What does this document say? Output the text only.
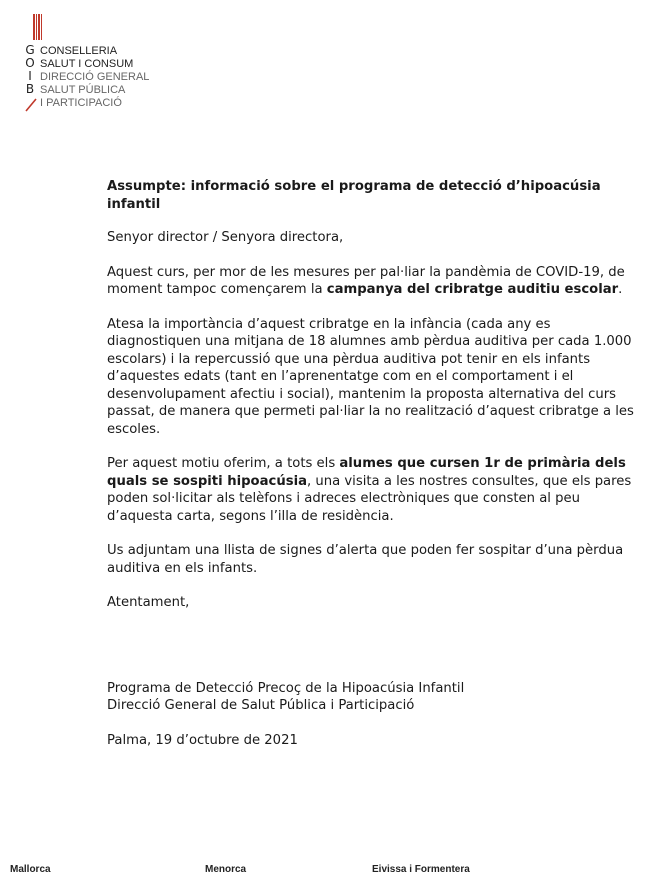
G
O
I
B
CONSELLERIA
SALUT I CONSUM
DIRECCIÓ GENERAL
SALUT PÚBLICA
I PARTICIPACIÓ

Assumpte: informació sobre el programa de detecció d’hipoacúsia infantil

Senyor director / Senyora directora,

Aquest curs, per mor de les mesures per pal·liar la pandèmia de COVID-19, de moment tampoc començarem la campanya del cribratge auditiu escolar.

Atesa la importància d’aquest cribratge en la infància (cada any es diagnostiquen una mitjana de 18 alumnes amb pèrdua auditiva per cada 1.000 escolars) i la repercussió que una pèrdua auditiva pot tenir en els infants d’aquestes edats (tant en l’aprenentatge com en el comportament i el desenvolupament afectiu i social), mantenim la proposta alternativa del curs passat, de manera que permeti pal·liar la no realització d’aquest cribratge a les escoles.

Per aquest motiu oferim, a tots els alumes que cursen 1r de primària dels quals se sospiti hipoacúsia, una visita a les nostres consultes, que els pares poden sol·licitar als telèfons i adreces electròniques que consten al peu d’aquesta carta, segons l’illa de residència.

Us adjuntam una llista de signes d’alerta que poden fer sospitar d’una pèrdua auditiva en els infants.

Atentament,

Programa de Detecció Precoç de la Hipoacúsia Infantil

Direcció General de Salut Pública i Participació

Palma, 19 d’octubre de 2021

Mallorca	Menorca	Eivissa i Formentera
